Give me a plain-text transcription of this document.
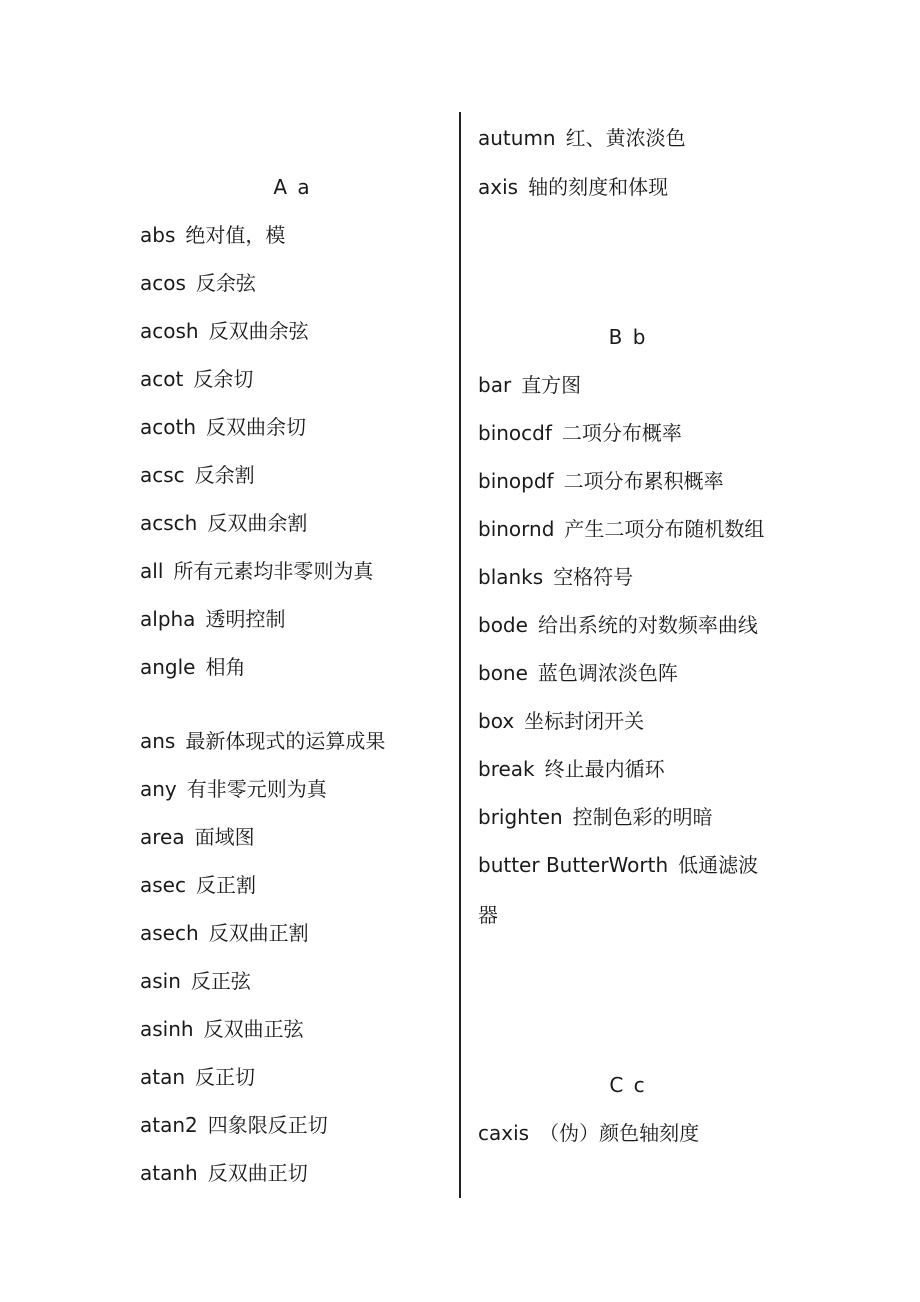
A a
abs 绝对值，模
acos 反余弦
acosh 反双曲余弦
acot 反余切
acoth 反双曲余切
acsc 反余割
acsch 反双曲余割
all 所有元素均非零则为真
alpha 透明控制
angle 相角
ans 最新体现式的运算成果
any 有非零元则为真
area 面域图
asec 反正割
asech 反双曲正割
asin 反正弦
asinh 反双曲正弦
atan 反正切
atan2 四象限反正切
atanh 反双曲正切
autumn 红、黄浓淡色
axis 轴的刻度和体现
B b
bar 直方图
binocdf 二项分布概率
binopdf 二项分布累积概率
binornd 产生二项分布随机数组
blanks 空格符号
bode 给出系统的对数频率曲线
bone 蓝色调浓淡色阵
box 坐标封闭开关
break 终止最内循环
brighten 控制色彩的明暗
butter ButterWorth 低通滤波
器
C c
caxis （伪）颜色轴刻度
